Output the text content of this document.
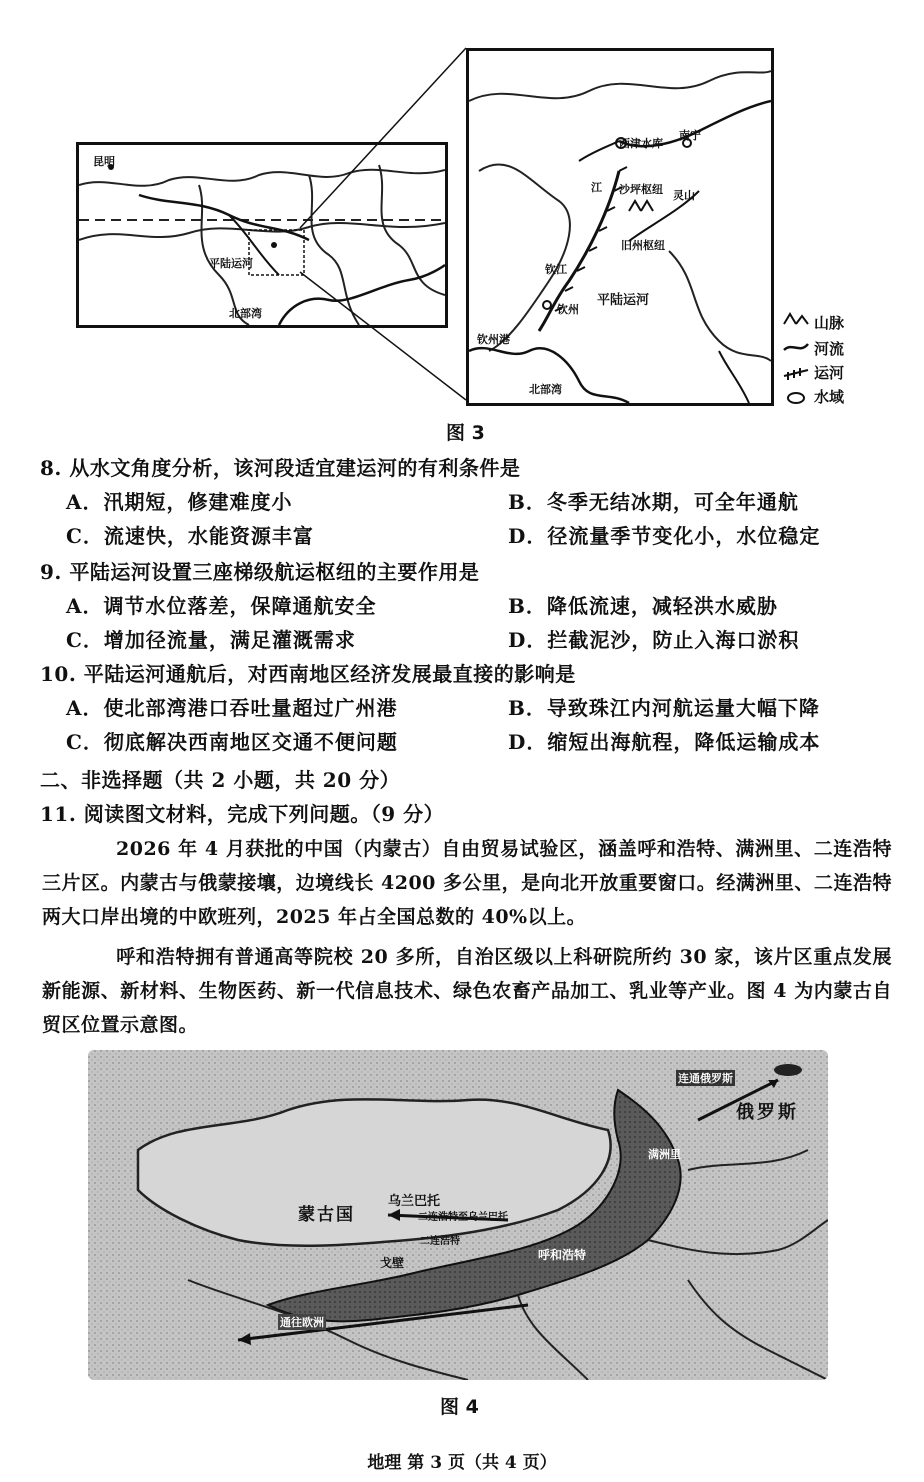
昆明
平陆运河
北部湾
西津水库
南宁
江 沙坪枢纽 灵山
旧州枢纽
平陆运河
钦江
钦州
钦州港
北部湾
山脉
河流
运河
水域
图 3
8. 从水文角度分析，该河段适宜建运河的有利条件是
A．汛期短，修建难度小	B．冬季无结冰期，可全年通航
C．流速快，水能资源丰富	D．径流量季节变化小，水位稳定
9. 平陆运河设置三座梯级航运枢纽的主要作用是
A．调节水位落差，保障通航安全	B．降低流速，减轻洪水威胁
C．增加径流量，满足灌溉需求	D．拦截泥沙，防止入海口淤积
10. 平陆运河通航后，对西南地区经济发展最直接的影响是
A．使北部湾港口吞吐量超过广州港	B．导致珠江内河航运量大幅下降
C．彻底解决西南地区交通不便问题	D．缩短出海航程，降低运输成本
二、非选择题（共 2 小题，共 20 分）
11. 阅读图文材料，完成下列问题。（9 分）
2026 年 4 月获批的中国（内蒙古）自由贸易试验区，涵盖呼和浩特、满洲里、二连浩特三片区。内蒙古与俄蒙接壤，边境线长 4200 多公里，是向北开放重要窗口。经满洲里、二连浩特两大口岸出境的中欧班列，2025 年占全国总数的 40%以上。
呼和浩特拥有普通高等院校 20 多所，自治区级以上科研院所约 30 家，该片区重点发展新能源、新材料、生物医药、新一代信息技术、绿色农畜产品加工、乳业等产业。图 4 为内蒙古自贸区位置示意图。
连通俄罗斯
俄罗斯
乌兰巴托
二连浩特至乌兰巴托
蒙古国
二连浩特
戈壁
呼和浩特
满洲里
通往欧洲
图 4
地理 第 3 页（共 4 页）
